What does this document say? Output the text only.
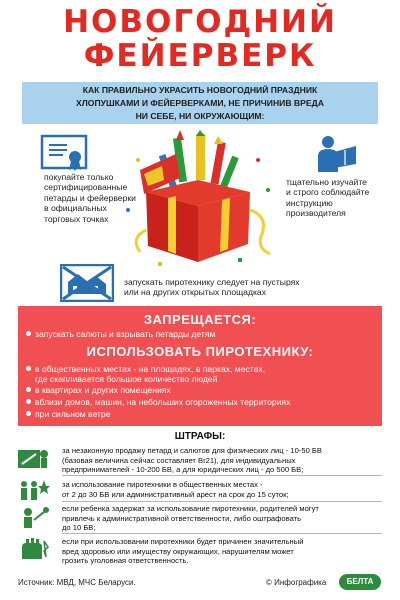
НОВОГОДНИЙ
ФЕЙЕРВЕРК
КАК ПРАВИЛЬНО УКРАСИТЬ НОВОГОДНИЙ ПРАЗДНИК
ХЛОПУШКАМИ И ФЕЙЕРВЕРКАМИ, НЕ ПРИЧИНИВ ВРЕДА
НИ СЕБЕ, НИ ОКРУЖАЮЩИМ:
покупайте только
сертифицированные
петарды и фейерверки
в официальных
торговых точках
тщательно изучайте
и строго соблюдайте
инструкцию
производителя
запускать пиротехнику следует на пустырях
или на других открытых площадках
ЗАПРЕЩАЕТСЯ:
запускать салюты и взрывать петарды детям
ИСПОЛЬЗОВАТЬ ПИРОТЕХНИКУ:
в общественных местах - на площадях, в парках, местах,
где скапливается большое количество людей
в квартирах и других помещениях
вблизи домов, машин, на небольших огороженных территориях
при сильном ветре
ШТРАФЫ:
за незаконную продажу петард и салютов для физических лиц - 10-50 БВ
(базовая величина сейчас составляет Br21), для индивидуальных
предпринимателей - 10-200 БВ, а для юридических лиц - до 500 БВ;
за использование пиротехники в общественных местах -
от 2 до 30 БВ или административный арест на срок до 15 суток;
если ребенка задержат за использование пиротехники, родителей могут
привлечь к административной ответственности, либо оштрафовать
до 10 БВ;
если при использовании пиротехники будет причинен значительный
вред здоровью или имуществу окружающих, нарушителям может
грозить уголовная ответственность.
Источник: МВД, МЧС Беларуси.	© Инфографика	БЕЛТА
